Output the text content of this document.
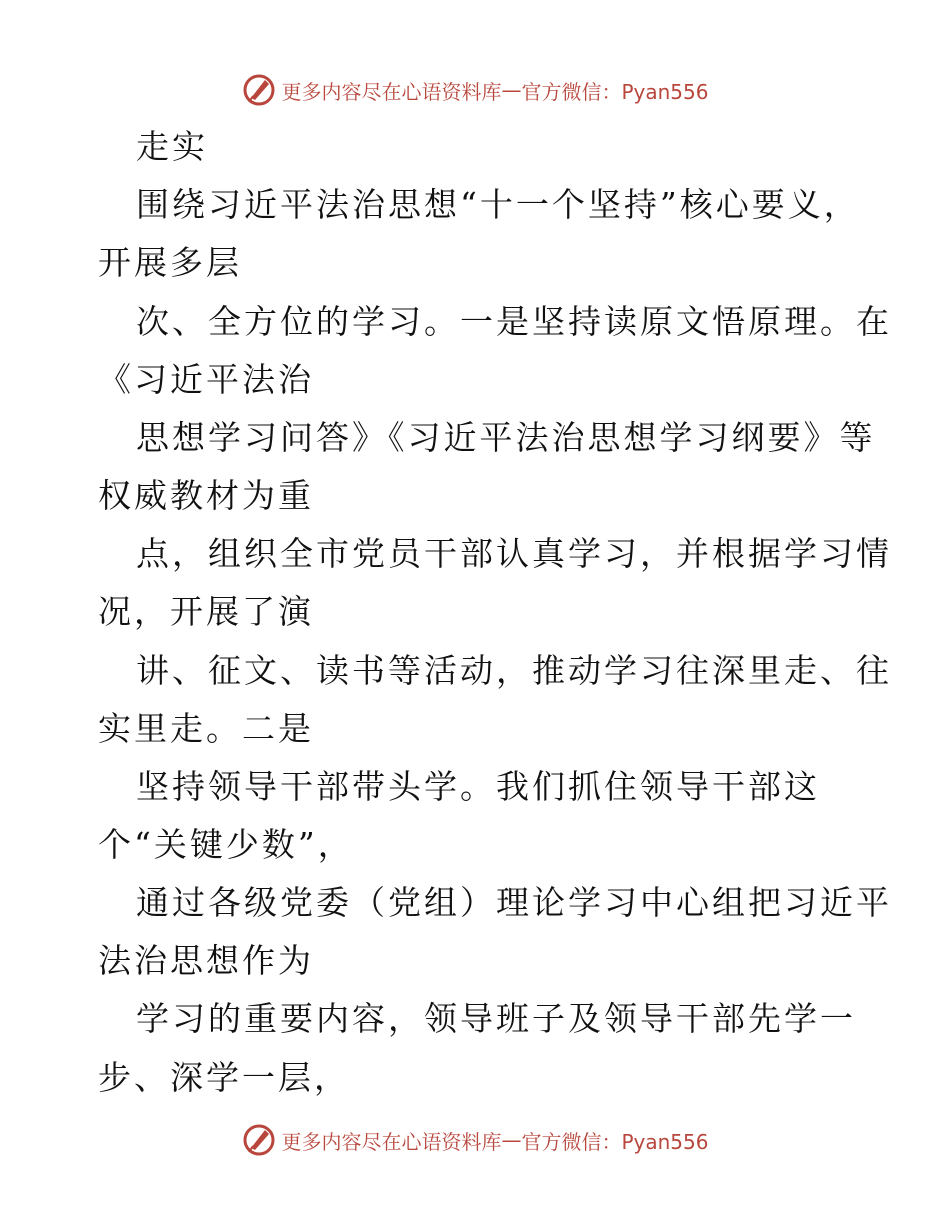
更多内容尽在心语资料库 — 官方微信：Pyan556
走实
围绕习近平法治思想“十一个坚持”核心要义，
开展多层
次、全方位的学习。一是坚持读原文悟原理。在
《习近平法治
思想学习问答》《习近平法治思想学习纲要》等
权威教材为重
点，组织全市党员干部认真学习，并根据学习情
况，开展了演
讲、征文、读书等活动，推动学习往深里走、往
实里走。二是
坚持领导干部带头学。我们抓住领导干部这
个“关键少数”，
通过各级党委（党组）理论学习中心组把习近平
法治思想作为
学习的重要内容，领导班子及领导干部先学一
步、深学一层，
更多内容尽在心语资料库 — 官方微信：Pyan556
